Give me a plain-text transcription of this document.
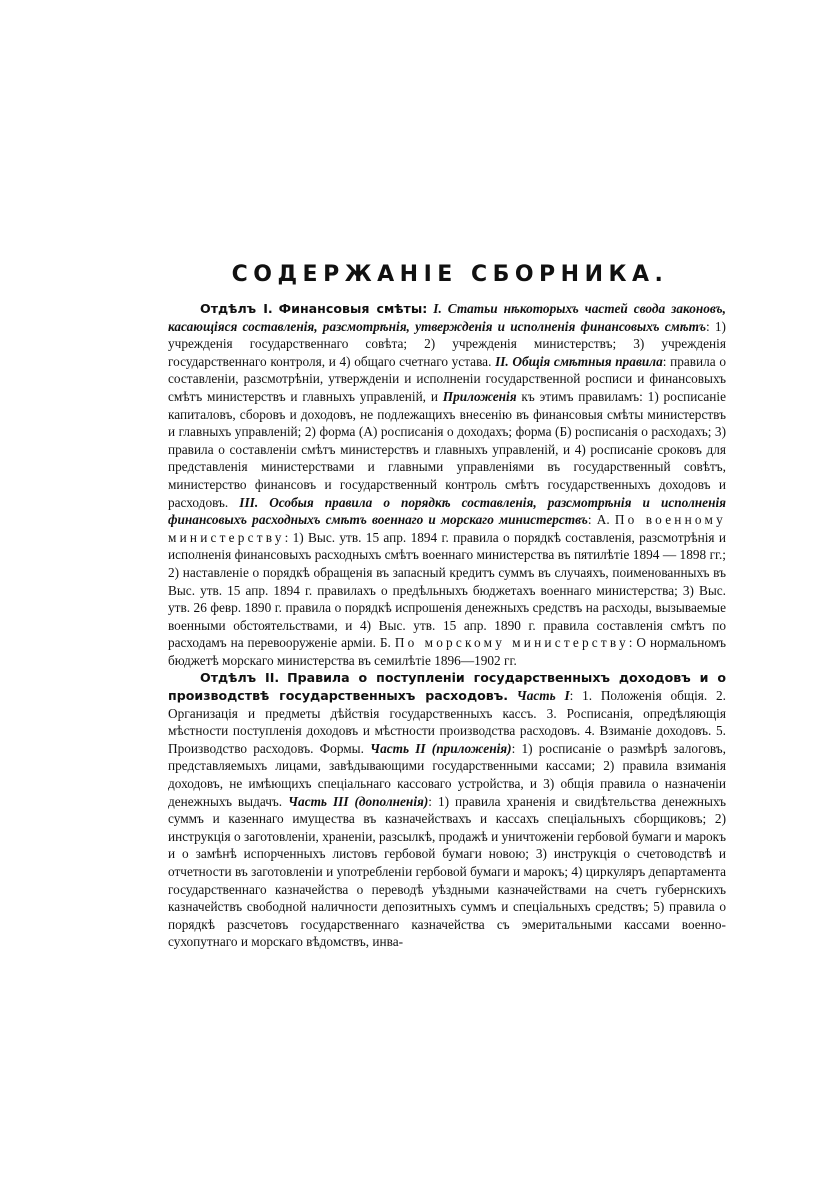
СОДЕРЖАНІЕ СБОРНИКА.

Отдѣлъ I. Финансовыя смѣты: I. Статьи нѣкоторыхъ частей свода законовъ, касающіяся составленія, разсмотрѣнія, утвержденія и исполненія финансовыхъ смѣтъ: 1) учрежденія государственнаго совѣта; 2) учрежденія министерствъ; 3) учрежденія государственнаго контроля, и 4) общаго счетнаго устава. II. Общія смѣтныя правила: правила о составленіи, разсмотрѣніи, утвержденіи и исполненіи государственной росписи и финансовыхъ смѣтъ министерствъ и главныхъ управленій, и Приложенія къ этимъ правиламъ: 1) росписаніе капиталовъ, сборовъ и доходовъ, не подлежащихъ внесенію въ финансовыя смѣты министерствъ и главныхъ управленій; 2) форма (А) росписанія о доходахъ; форма (Б) росписанія о расходахъ; 3) правила о составленіи смѣтъ министерствъ и главныхъ управленій, и 4) росписаніе сроковъ для представленія министерствами и главными управленіями въ государственный совѣтъ, министерство финансовъ и государственный контроль смѣтъ государственныхъ доходовъ и расходовъ. III. Особыя правила о порядкѣ составленія, разсмотрѣнія и исполненія финансовыхъ расходныхъ смѣтъ военнаго и морскаго министерствъ: А. По военному министерству: 1) Выс. утв. 15 апр. 1894 г. правила о порядкѣ составленія, разсмотрѣнія и исполненія финансовыхъ расходныхъ смѣтъ военнаго министерства въ пятилѣтіе 1894 — 1898 гг.; 2) наставленіе о порядкѣ обращенія въ запасный кредитъ суммъ въ случаяхъ, поименованныхъ въ Выс. утв. 15 апр. 1894 г. правилахъ о предѣльныхъ бюджетахъ военнаго министерства; 3) Выс. утв. 26 февр. 1890 г. правила о порядкѣ испрошенія денежныхъ средствъ на расходы, вызываемые военными обстоятельствами, и 4) Выс. утв. 15 апр. 1890 г. правила составленія смѣтъ по расходамъ на перевооруженіе арміи. Б. По морскому министерству: О нормальномъ бюджетѣ морскаго министерства въ семилѣтіе 1896—1902 гг.

Отдѣлъ II. Правила о поступленіи государственныхъ доходовъ и о производствѣ государственныхъ расходовъ. Часть I: 1. Положенія общія. 2. Организація и предметы дѣйствія государственныхъ кассъ. 3. Росписанія, опредѣляющія мѣстности поступленія доходовъ и мѣстности производства расходовъ. 4. Взиманіе доходовъ. 5. Производство расходовъ. Формы. Часть II (приложенія): 1) росписаніе о размѣрѣ залоговъ, представляемыхъ лицами, завѣдывающими государственными кассами; 2) правила взиманія доходовъ, не имѣющихъ спеціальнаго кассоваго устройства, и 3) общія правила о назначеніи денежныхъ выдачъ. Часть III (дополненія): 1) правила храненія и свидѣтельства денежныхъ суммъ и казеннаго имущества въ казначействахъ и кассахъ спеціальныхъ сборщиковъ; 2) инструкція о заготовленіи, храненіи, разсылкѣ, продажѣ и уничтоженіи гербовой бумаги и марокъ и о замѣнѣ испорченныхъ листовъ гербовой бумаги новою; 3) инструкція о счетоводствѣ и отчетности въ заготовленіи и употребленіи гербовой бумаги и марокъ; 4) циркуляръ департамента государственнаго казначейства о переводѣ уѣздными казначействами на счетъ губернскихъ казначействъ свободной наличности депозитныхъ суммъ и спеціальныхъ средствъ; 5) правила о порядкѣ разсчетовъ государственнаго казначейства съ эмеритальными кассами военно-сухопутнаго и морскаго вѣдомствъ, инва-
